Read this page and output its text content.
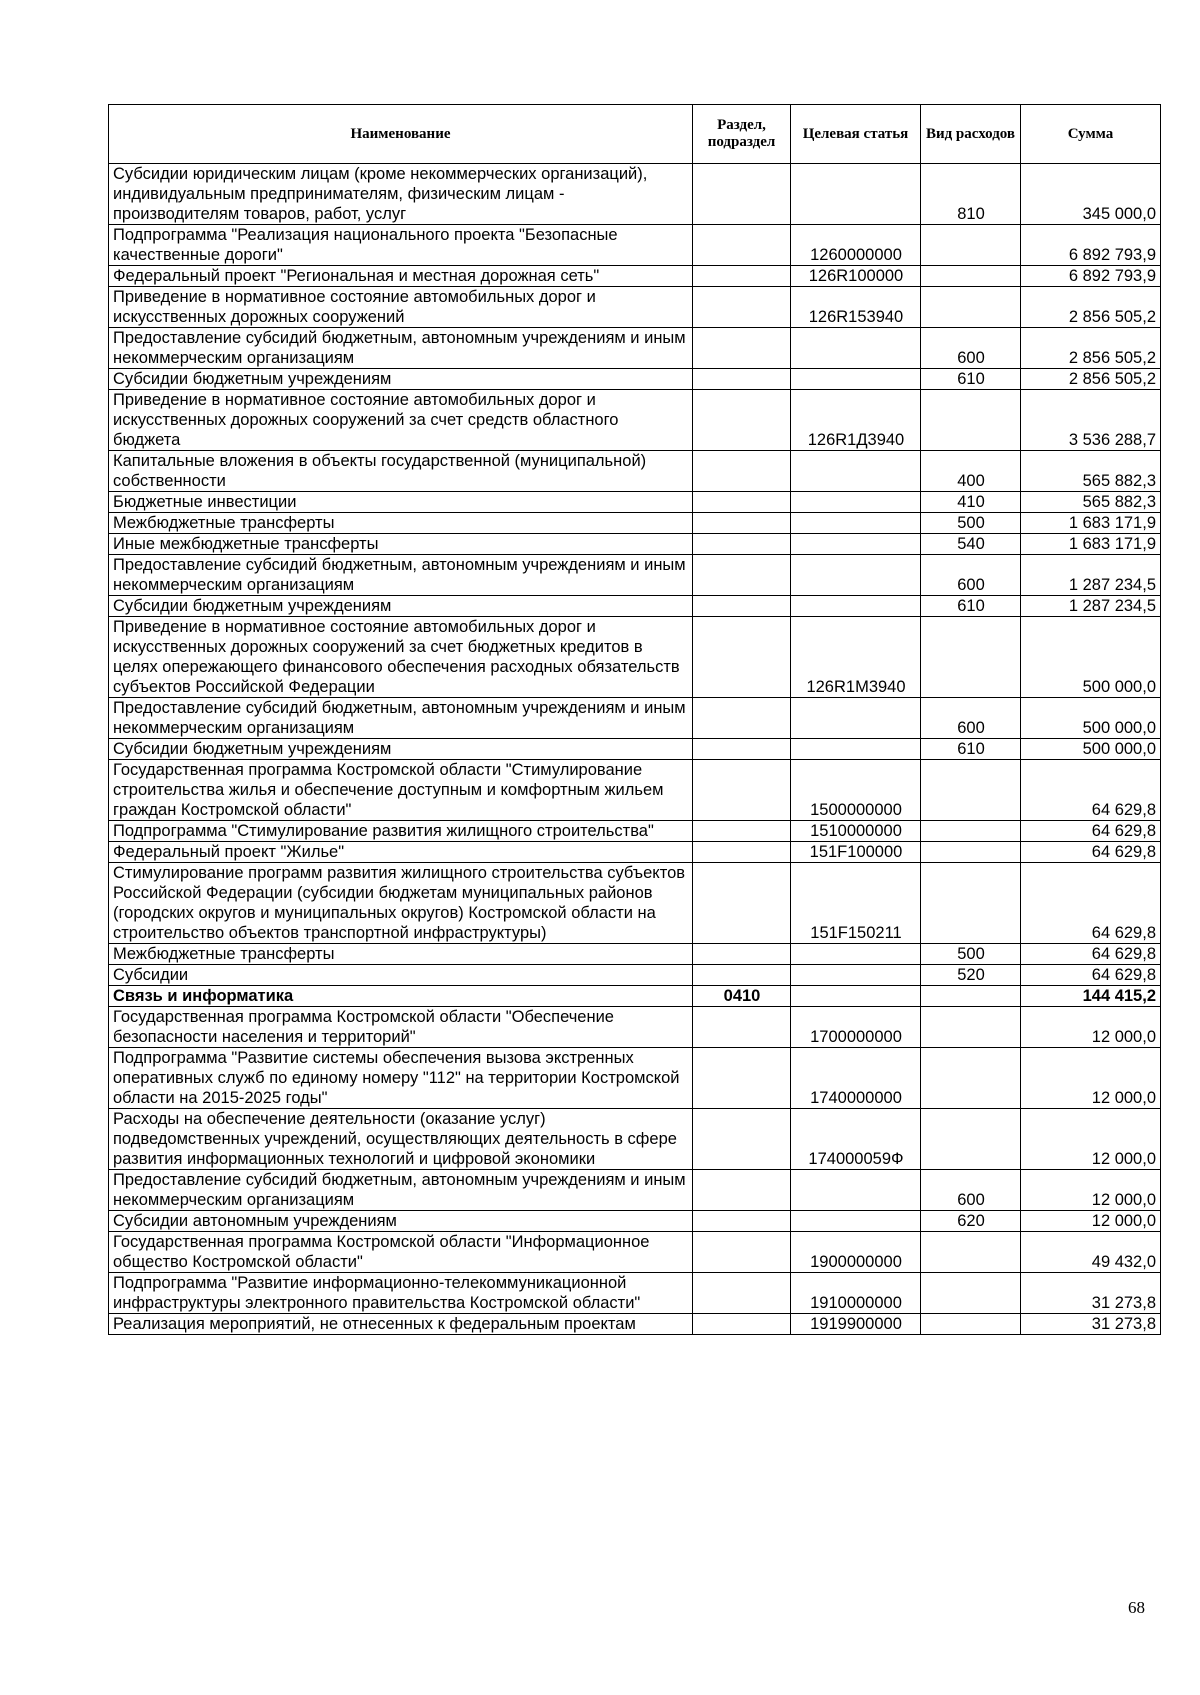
Наименование	Раздел, подраздел	Целевая статья	Вид расходов	Сумма
Субсидии юридическим лицам (кроме некоммерческих организаций), индивидуальным предпринимателям, физическим лицам - производителям товаров, работ, услуг			810	345 000,0
Подпрограмма "Реализация национального проекта "Безопасные качественные дороги"		1260000000		6 892 793,9
Федеральный проект "Региональная и местная дорожная сеть"		126R100000		6 892 793,9
Приведение в нормативное состояние автомобильных дорог и искусственных дорожных сооружений		126R153940		2 856 505,2
Предоставление субсидий бюджетным, автономным учреждениям и иным некоммерческим организациям			600	2 856 505,2
Субсидии бюджетным учреждениям			610	2 856 505,2
Приведение в нормативное состояние автомобильных дорог и искусственных дорожных сооружений за счет средств областного бюджета		126R1Д3940		3 536 288,7
Капитальные вложения в объекты государственной (муниципальной) собственности			400	565 882,3
Бюджетные инвестиции			410	565 882,3
Межбюджетные трансферты			500	1 683 171,9
Иные межбюджетные трансферты			540	1 683 171,9
Предоставление субсидий бюджетным, автономным учреждениям и иным некоммерческим организациям			600	1 287 234,5
Субсидии бюджетным учреждениям			610	1 287 234,5
Приведение в нормативное состояние автомобильных дорог и искусственных дорожных сооружений за счет бюджетных кредитов в целях опережающего финансового обеспечения расходных обязательств субъектов Российской Федерации		126R1М3940		500 000,0
Предоставление субсидий бюджетным, автономным учреждениям и иным некоммерческим организациям			600	500 000,0
Субсидии бюджетным учреждениям			610	500 000,0
Государственная программа Костромской области "Стимулирование строительства жилья и обеспечение доступным и комфортным жильем граждан Костромской области"		1500000000		64 629,8
Подпрограмма "Стимулирование развития жилищного строительства"		1510000000		64 629,8
Федеральный проект "Жилье"		151F100000		64 629,8
Стимулирование программ развития жилищного строительства субъектов Российской Федерации (субсидии бюджетам муниципальных районов (городских округов и муниципальных округов) Костромской области на строительство объектов транспортной инфраструктуры)		151F150211		64 629,8
Межбюджетные трансферты			500	64 629,8
Субсидии			520	64 629,8
Связь и информатика	0410			144 415,2
Государственная программа Костромской области "Обеспечение безопасности населения и территорий"		1700000000		12 000,0
Подпрограмма "Развитие системы обеспечения вызова экстренных оперативных служб по единому номеру "112" на территории Костромской области на 2015-2025 годы"		1740000000		12 000,0
Расходы на обеспечение деятельности (оказание услуг) подведомственных учреждений, осуществляющих деятельность в сфере развития информационных технологий и цифровой экономики		174000059Ф		12 000,0
Предоставление субсидий бюджетным, автономным учреждениям и иным некоммерческим организациям			600	12 000,0
Субсидии автономным учреждениям			620	12 000,0
Государственная программа Костромской области "Информационное общество Костромской области"		1900000000		49 432,0
Подпрограмма "Развитие информационно-телекоммуникационной инфраструктуры электронного правительства Костромской области"		1910000000		31 273,8
Реализация мероприятий, не отнесенных к федеральным проектам		1919900000		31 273,8
68
